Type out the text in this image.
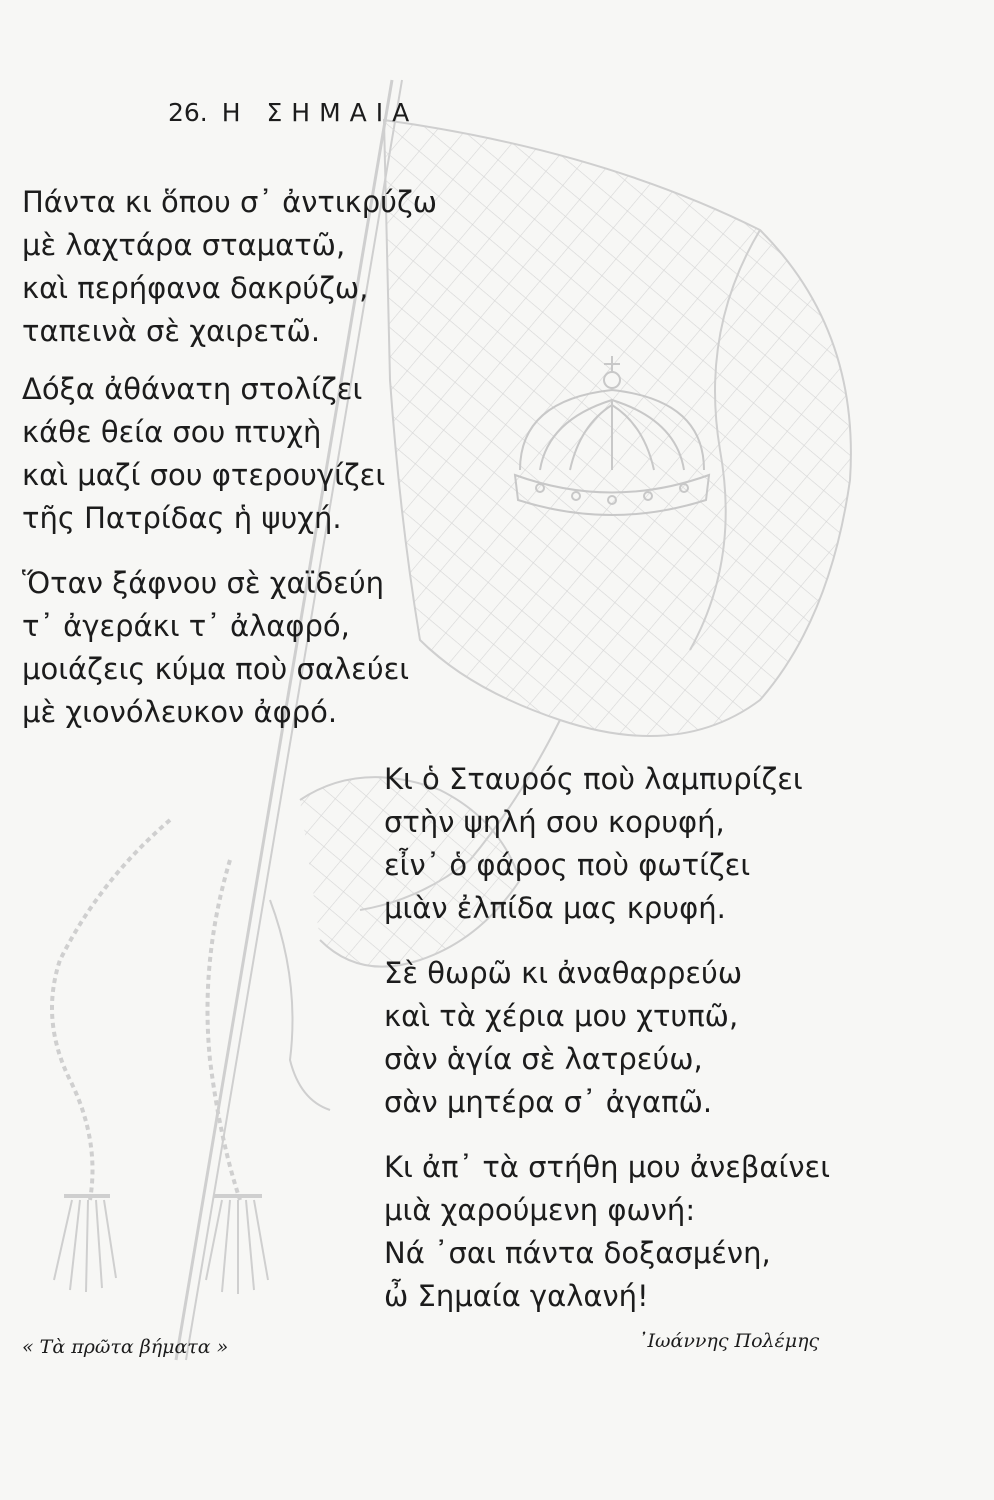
26. Η ΣΗΜΑΙΑ

Πάντα κι ὅπου σ᾿ ἀντικρύζω
μὲ λαχτάρα σταματῶ,
καὶ περήφανα δακρύζω,
ταπεινὰ σὲ χαιρετῶ.

Δόξα ἀθάνατη στολίζει
κάθε θεία σου πτυχὴ
καὶ μαζί σου φτερουγίζει
τῆς Πατρίδας ἡ ψυχή.

Ὅταν ξάφνου σὲ χαϊδεύη
τ᾿ ἀγεράκι τ᾿ ἀλαφρό,
μοιάζεις κύμα ποὺ σαλεύει
μὲ χιονόλευκον ἀφρό.

Κι ὁ Σταυρός ποὺ λαμπυρίζει
στὴν ψηλή σου κορυφή,
εἶν᾿ ὁ φάρος ποὺ φωτίζει
μιὰν ἐλπίδα μας κρυφή.

Σὲ θωρῶ κι ἀναθαρρεύω
καὶ τὰ χέρια μου χτυπῶ,
σὰν ἁγία σὲ λατρεύω,
σὰν μητέρα σ᾿ ἀγαπῶ.

Κι ἀπ᾿ τὰ στήθη μου ἀνεβαίνει
μιὰ χαρούμενη φωνή:
Νά ᾿σαι πάντα δοξασμένη,
ὦ Σημαία γαλανή!

« Τὰ πρῶτα βήματα »	᾿Ιωάννης Πολέμης
